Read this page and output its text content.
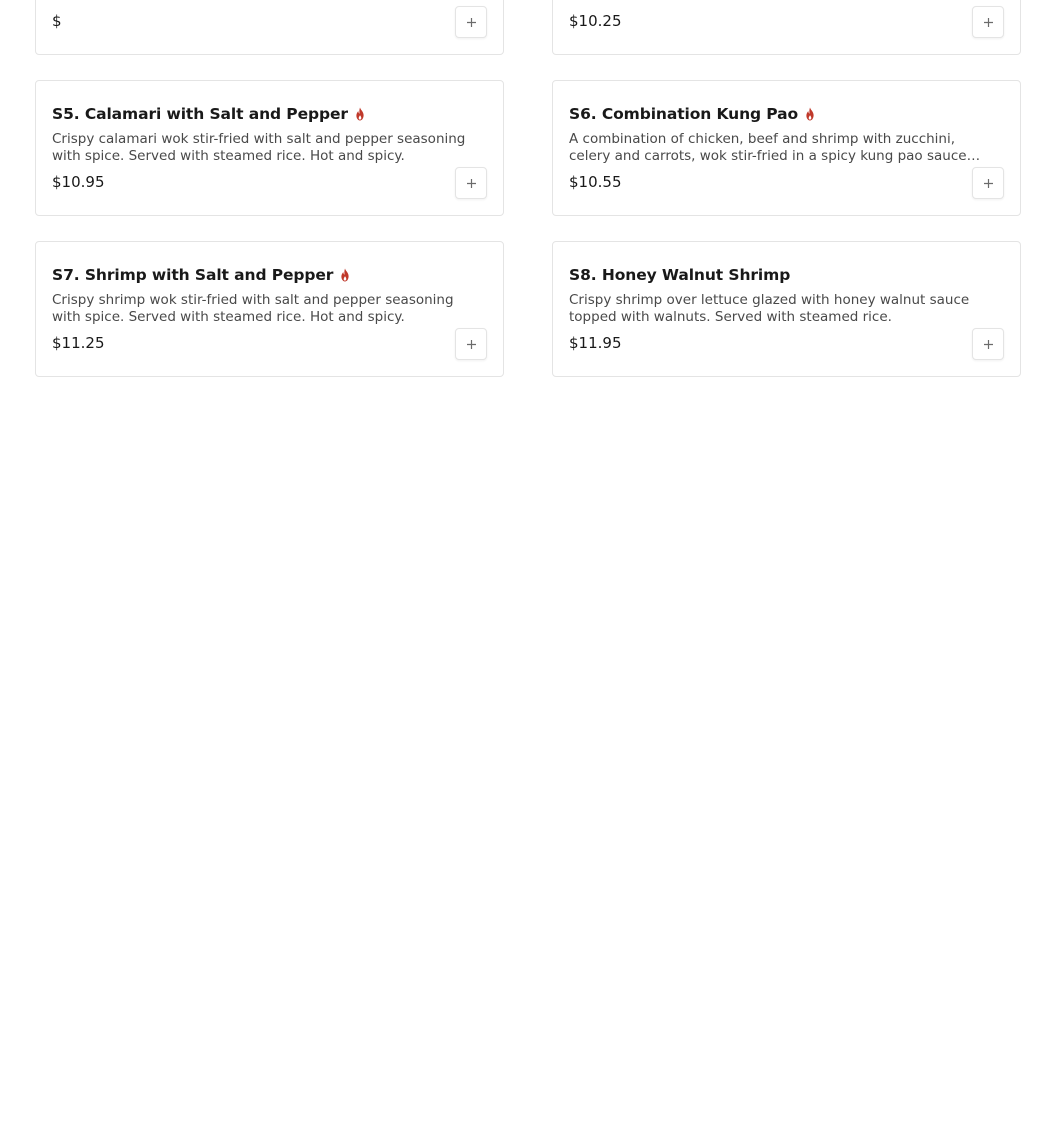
$	$10.25
S5. Calamari with Salt and Pepper
Crispy calamari wok stir-fried with salt and pepper seasoning with spice. Served with steamed rice. Hot and spicy.
$10.95
S6. Combination Kung Pao
A combination of chicken, beef and shrimp with zucchini, celery and carrots, wok stir-fried in a spicy kung pao sauce
$10.55
S7. Shrimp with Salt and Pepper
Crispy shrimp wok stir-fried with salt and pepper seasoning with spice. Served with steamed rice. Hot and spicy.
$11.25
S8. Honey Walnut Shrimp
Crispy shrimp over lettuce glazed with honey walnut sauce topped with walnuts. Served with steamed rice.
$11.95
